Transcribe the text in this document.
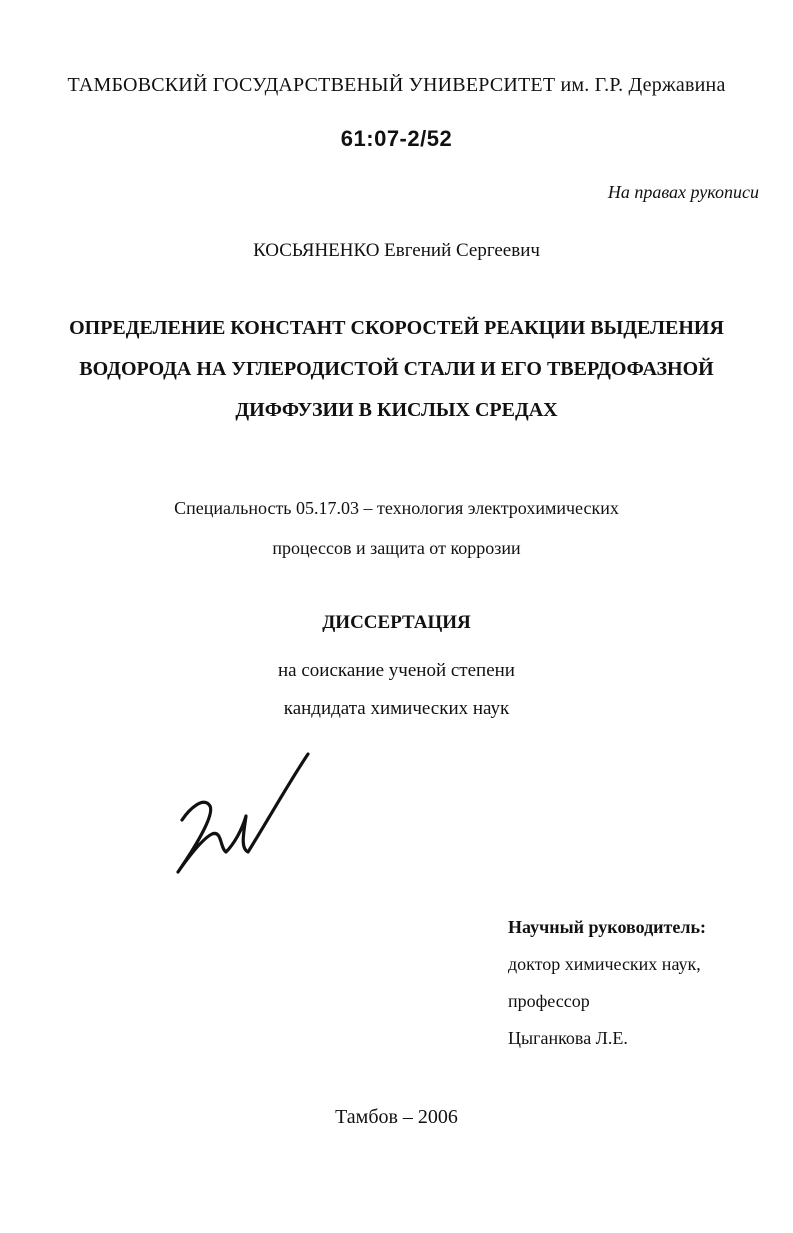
ТАМБОВСКИЙ ГОСУДАРСТВЕНЫЙ УНИВЕРСИТЕТ им. Г.Р. Державина
61:07-2/52
На правах рукописи
КОСЬЯНЕНКО Евгений Сергеевич
ОПРЕДЕЛЕНИЕ КОНСТАНТ СКОРОСТЕЙ РЕАКЦИИ ВЫДЕЛЕНИЯ
ВОДОРОДА НА УГЛЕРОДИСТОЙ СТАЛИ И ЕГО ТВЕРДОФАЗНОЙ
ДИФФУЗИИ В КИСЛЫХ СРЕДАХ
Специальность 05.17.03 – технология электрохимических
процессов и защита от коррозии
ДИССЕРТАЦИЯ
на соискание ученой степени
кандидата химических наук
Научный руководитель:
доктор химических наук,
профессор
Цыганкова Л.Е.
Тамбов – 2006
